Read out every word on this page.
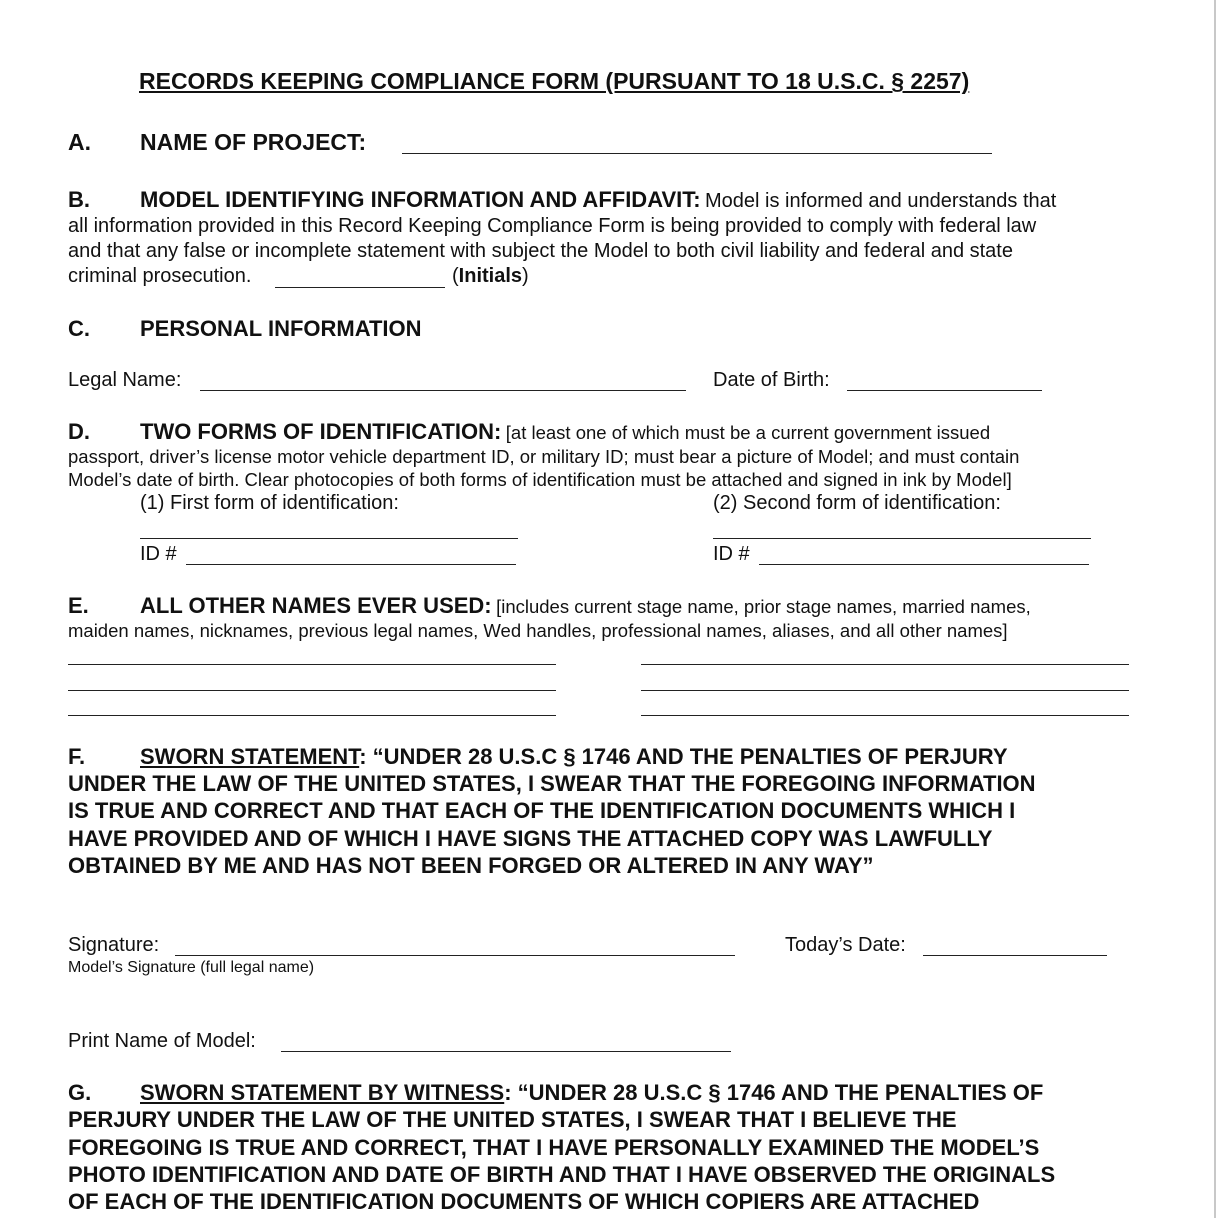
RECORDS KEEPING COMPLIANCE FORM (PURSUANT TO 18 U.S.C. § 2257)
A. NAME OF PROJECT:
B. MODEL IDENTIFYING INFORMATION AND AFFIDAVIT: Model is informed and understands that
all information provided in this Record Keeping Compliance Form is being provided to comply with federal law
and that any false or incomplete statement with subject the Model to both civil liability and federal and state
criminal prosecution.	(Initials)
C. PERSONAL INFORMATION
Legal Name:	Date of Birth:
D. TWO FORMS OF IDENTIFICATION: [at least one of which must be a current government issued
passport, driver’s license motor vehicle department ID, or military ID; must bear a picture of Model; and must contain
Model’s date of birth. Clear photocopies of both forms of identification must be attached and signed in ink by Model]
(1) First form of identification:	(2) Second form of identification:
ID #	ID #
E. ALL OTHER NAMES EVER USED: [includes current stage name, prior stage names, married names,
maiden names, nicknames, previous legal names, Wed handles, professional names, aliases, and all other names]
F. SWORN STATEMENT: “UNDER 28 U.S.C § 1746 AND THE PENALTIES OF PERJURY
UNDER THE LAW OF THE UNITED STATES, I SWEAR THAT THE FOREGOING INFORMATION
IS TRUE AND CORRECT AND THAT EACH OF THE IDENTIFICATION DOCUMENTS WHICH I
HAVE PROVIDED AND OF WHICH I HAVE SIGNS THE ATTACHED COPY WAS LAWFULLY
OBTAINED BY ME AND HAS NOT BEEN FORGED OR ALTERED IN ANY WAY”
Signature:
Model’s Signature (full legal name)
Today’s Date:
Print Name of Model:
G. SWORN STATEMENT BY WITNESS: “UNDER 28 U.S.C § 1746 AND THE PENALTIES OF
PERJURY UNDER THE LAW OF THE UNITED STATES, I SWEAR THAT I BELIEVE THE
FOREGOING IS TRUE AND CORRECT, THAT I HAVE PERSONALLY EXAMINED THE MODEL’S
PHOTO IDENTIFICATION AND DATE OF BIRTH AND THAT I HAVE OBSERVED THE ORIGINALS
OF EACH OF THE IDENTIFICATION DOCUMENTS OF WHICH COPIERS ARE ATTACHED
